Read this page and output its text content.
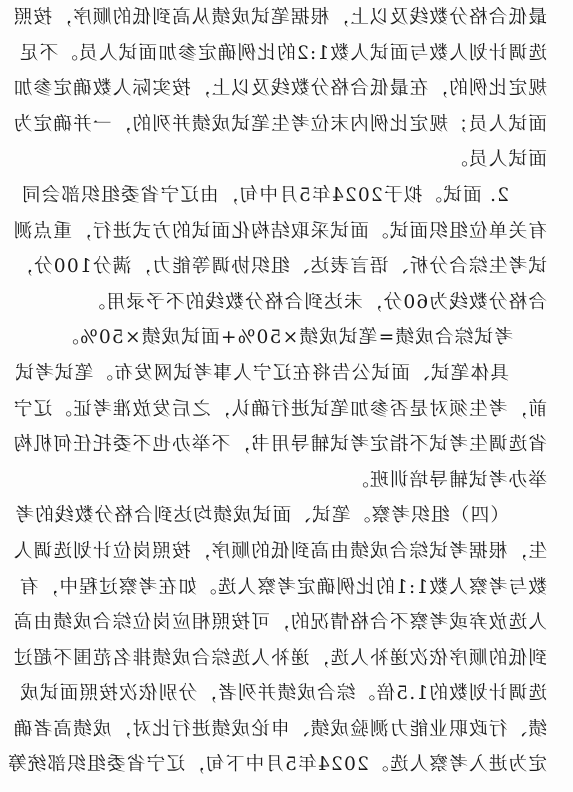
最低合格分数线及以上，根据笔试成绩从高到低的顺序，按照
选调计划人数与面试人数1:2的比例确定参加面试人员。不足
规定比例的，在最低合格分数线及以上，按实际人数确定参加
面试人员；规定比例内末位考生笔试成绩并列的，一并确定为
面试人员。
2. 面试。拟于2024年5月中旬，由辽宁省委组织部会同
有关单位组织面试。面试采取结构化面试的方式进行，重点测
试考生综合分析、语言表达、组织协调等能力，满分100分，
合格分数线为60分，未达到合格分数线的不予录用。
考试综合成绩=笔试成绩×50%+面试成绩×50%。
具体笔试、面试公告将在辽宁人事考试网发布。笔试考试
前，考生须对是否参加笔试进行确认，之后发放准考证。辽宁
省选调生考试不指定考试辅导用书，不举办也不委托任何机构
举办考试辅导培训班。
（四）组织考察。笔试、面试成绩均达到合格分数线的考
生，根据考试综合成绩由高到低的顺序，按照岗位计划选调人
数与考察人数1:1的比例确定考察人选。如在考察过程中，有
人选放弃或考察不合格情况的，可按照相应岗位综合成绩由高
到低的顺序依次递补人选，递补人选综合成绩排名范围不超过
选调计划数的1.5倍。综合成绩并列者，分别依次按照面试成
绩、行政职业能力测验成绩、申论成绩进行比对，成绩高者确
定为进入考察人选。2024年5月中下旬，辽宁省委组织部统筹
